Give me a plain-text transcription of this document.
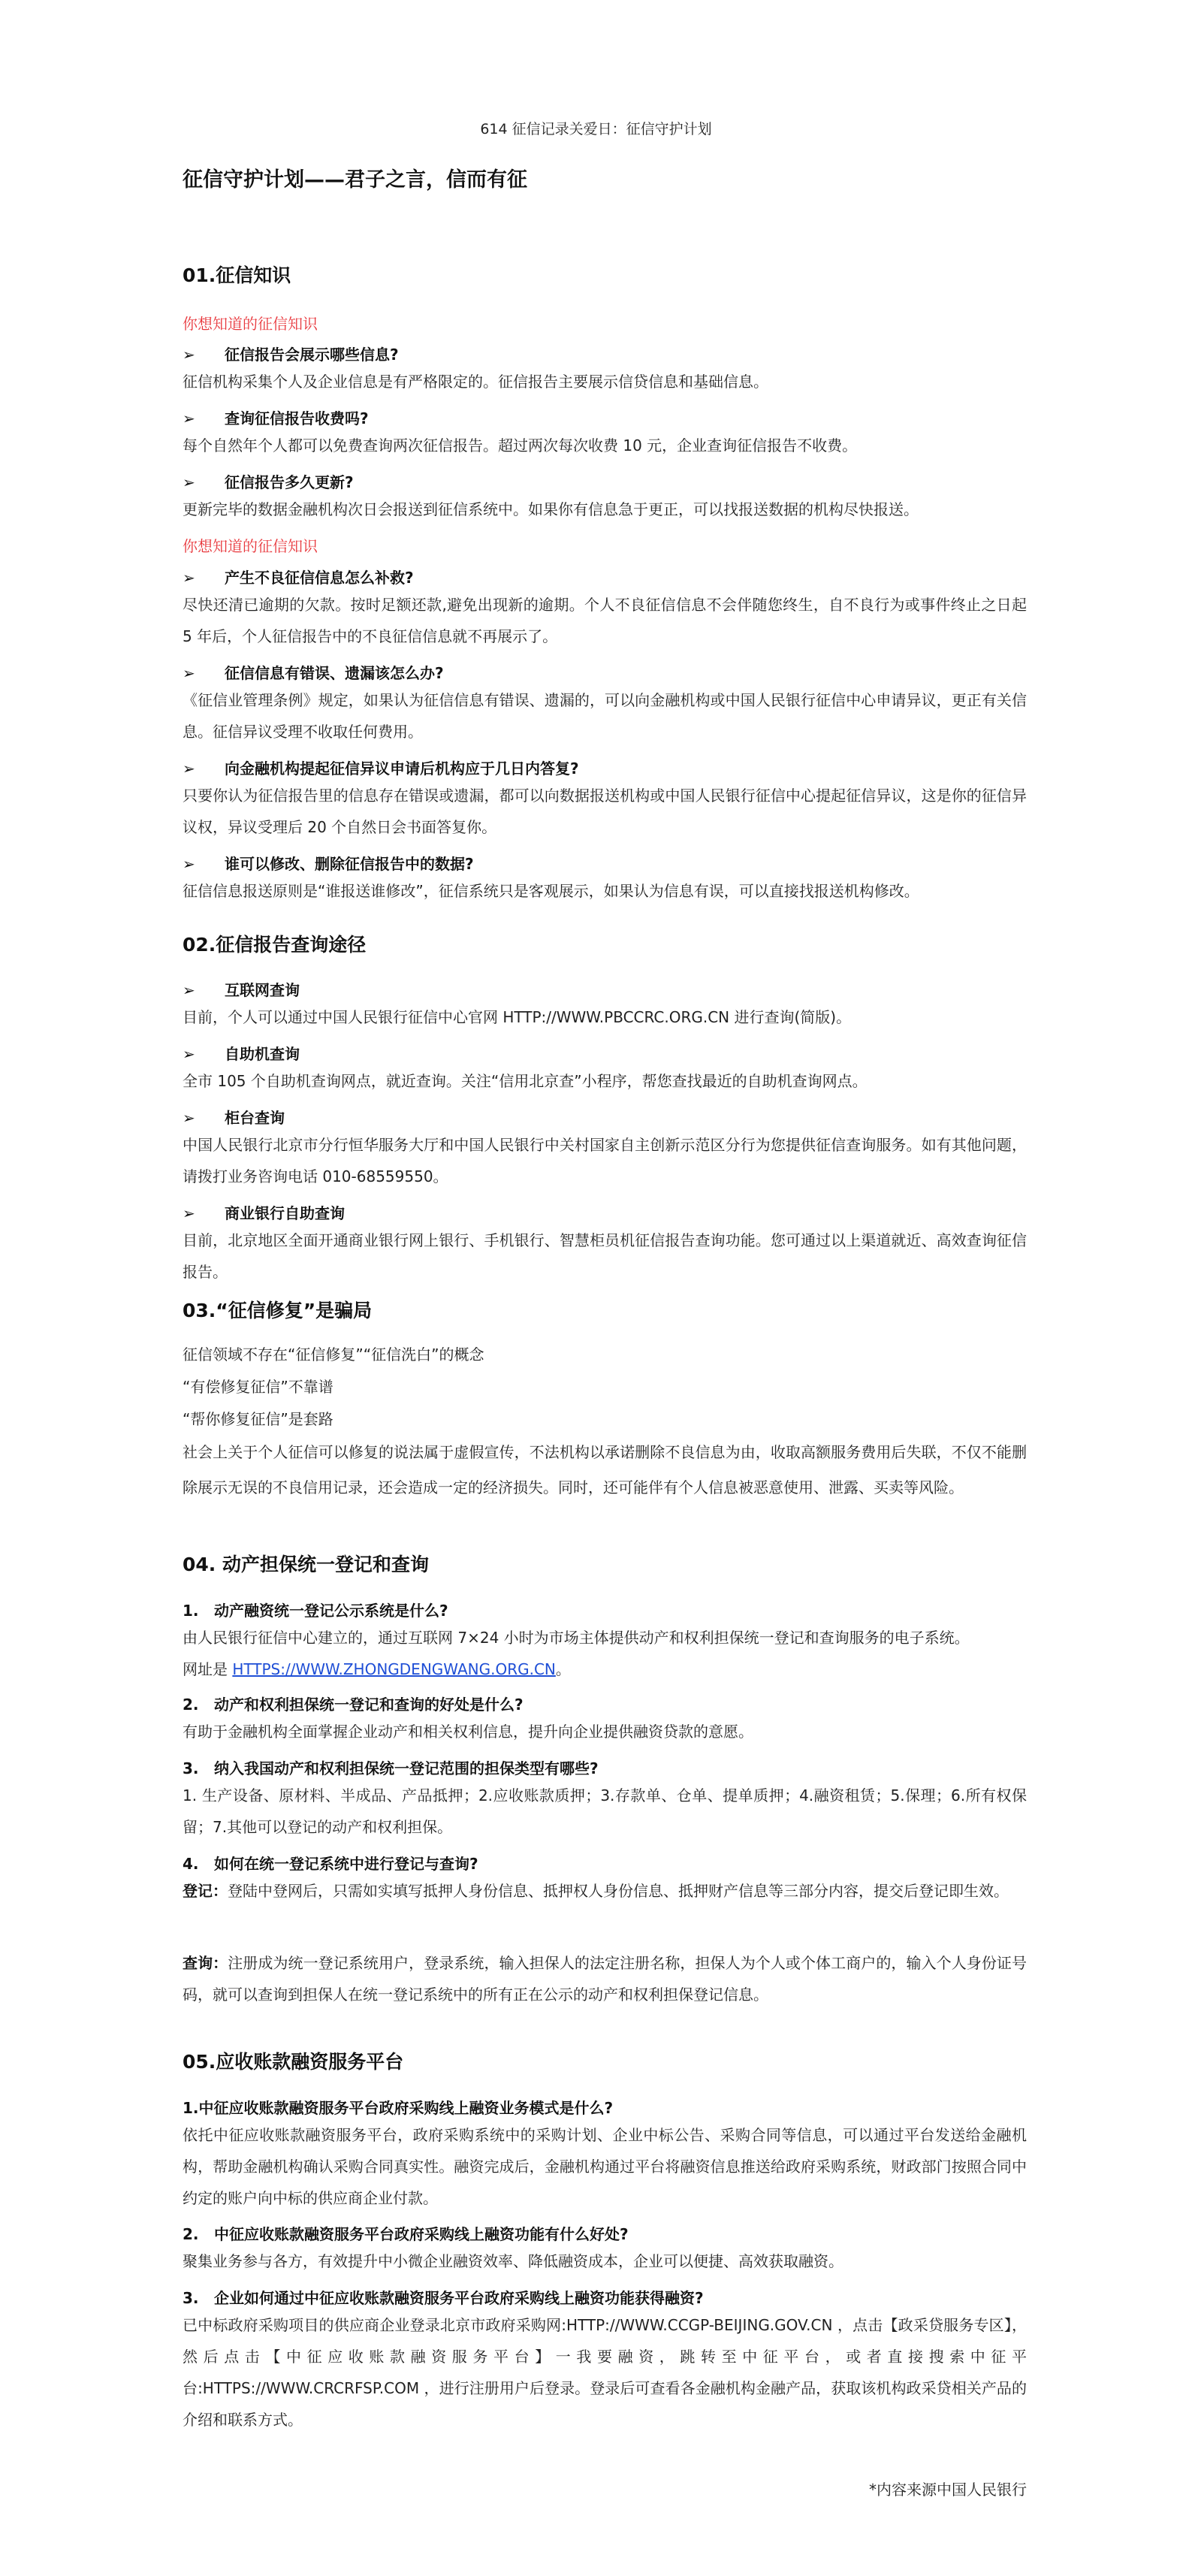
614 征信记录关爱日：征信守护计划
征信守护计划——君子之言，信而有征
01.征信知识
你想知道的征信知识
➢ 征信报告会展示哪些信息?
征信机构采集个人及企业信息是有严格限定的。征信报告主要展示信贷信息和基础信息。
➢ 查询征信报告收费吗?
每个自然年个人都可以免费查询两次征信报告。超过两次每次收费 10 元，企业查询征信报告不收费。
➢ 征信报告多久更新?
更新完毕的数据金融机构次日会报送到征信系统中。如果你有信息急于更正，可以找报送数据的机构尽快报送。
你想知道的征信知识
➢ 产生不良征信信息怎么补救?
尽快还清已逾期的欠款。按时足额还款,避免出现新的逾期。个人不良征信信息不会伴随您终生，自不良行为或事件终止之日起 5 年后，个人征信报告中的不良征信信息就不再展示了。
➢ 征信信息有错误、遗漏该怎么办?
《征信业管理条例》规定，如果认为征信信息有错误、遗漏的，可以向金融机构或中国人民银行征信中心申请异议，更正有关信息。征信异议受理不收取任何费用。
➢ 向金融机构提起征信异议申请后机构应于几日内答复?
只要你认为征信报告里的信息存在错误或遗漏，都可以向数据报送机构或中国人民银行征信中心提起征信异议，这是你的征信异议权，异议受理后 20 个自然日会书面答复你。
➢ 谁可以修改、删除征信报告中的数据?
征信信息报送原则是“谁报送谁修改”，征信系统只是客观展示，如果认为信息有误，可以直接找报送机构修改。
02.征信报告查询途径
➢ 互联网查询
目前，个人可以通过中国人民银行征信中心官网 HTTP://WWW.PBCCRC.ORG.CN 进行查询(简版)。
➢ 自助机查询
全市 105 个自助机查询网点，就近查询。关注“信用北京查”小程序，帮您查找最近的自助机查询网点。
➢ 柜台查询
中国人民银行北京市分行恒华服务大厅和中国人民银行中关村国家自主创新示范区分行为您提供征信查询服务。如有其他问题，请拨打业务咨询电话 010-68559550。
➢ 商业银行自助查询
目前，北京地区全面开通商业银行网上银行、手机银行、智慧柜员机征信报告查询功能。您可通过以上渠道就近、高效查询征信报告。
03.“征信修复”是骗局
征信领域不存在“征信修复”“征信洗白”的概念
“有偿修复征信”不靠谱
“帮你修复征信”是套路
社会上关于个人征信可以修复的说法属于虚假宣传，不法机构以承诺删除不良信息为由，收取高额服务费用后失联，不仅不能删除展示无误的不良信用记录，还会造成一定的经济损失。同时，还可能伴有个人信息被恶意使用、泄露、买卖等风险。
04. 动产担保统一登记和查询
1. 动产融资统一登记公示系统是什么?
由人民银行征信中心建立的，通过互联网 7×24 小时为市场主体提供动产和权利担保统一登记和查询服务的电子系统。
网址是 HTTPS://WWW.ZHONGDENGWANG.ORG.CN。
2. 动产和权利担保统一登记和查询的好处是什么?
有助于金融机构全面掌握企业动产和相关权利信息，提升向企业提供融资贷款的意愿。
3. 纳入我国动产和权利担保统一登记范围的担保类型有哪些?
1. 生产设备、原材料、半成品、产品抵押；2.应收账款质押；3.存款单、仓单、提单质押；4.融资租赁；5.保理；6.所有权保留；7.其他可以登记的动产和权利担保。
4. 如何在统一登记系统中进行登记与查询?
登记：登陆中登网后，只需如实填写抵押人身份信息、抵押权人身份信息、抵押财产信息等三部分内容，提交后登记即生效。
查询：注册成为统一登记系统用户，登录系统，输入担保人的法定注册名称，担保人为个人或个体工商户的，输入个人身份证号码，就可以查询到担保人在统一登记系统中的所有正在公示的动产和权利担保登记信息。
05.应收账款融资服务平台
1.中征应收账款融资服务平台政府采购线上融资业务模式是什么?
依托中征应收账款融资服务平台，政府采购系统中的采购计划、企业中标公告、采购合同等信息，可以通过平台发送给金融机构，帮助金融机构确认采购合同真实性。融资完成后，金融机构通过平台将融资信息推送给政府采购系统，财政部门按照合同中约定的账户向中标的供应商企业付款。
2. 中征应收账款融资服务平台政府采购线上融资功能有什么好处?
聚集业务参与各方，有效提升中小微企业融资效率、降低融资成本，企业可以便捷、高效获取融资。
3. 企业如何通过中征应收账款融资服务平台政府采购线上融资功能获得融资?
已中标政府采购项目的供应商企业登录北京市政府采购网:HTTP://WWW.CCGP-BEIJING.GOV.CN ，点击【政采贷服务专区】，然后点击【中征应收账款融资服务平台】一我要融资，跳转至中征平台，或者直接搜索中征平台:HTTPS://WWW.CRCRFSP.COM ，进行注册用户后登录。登录后可查看各金融机构金融产品，获取该机构政采贷相关产品的介绍和联系方式。
*内容来源中国人民银行
